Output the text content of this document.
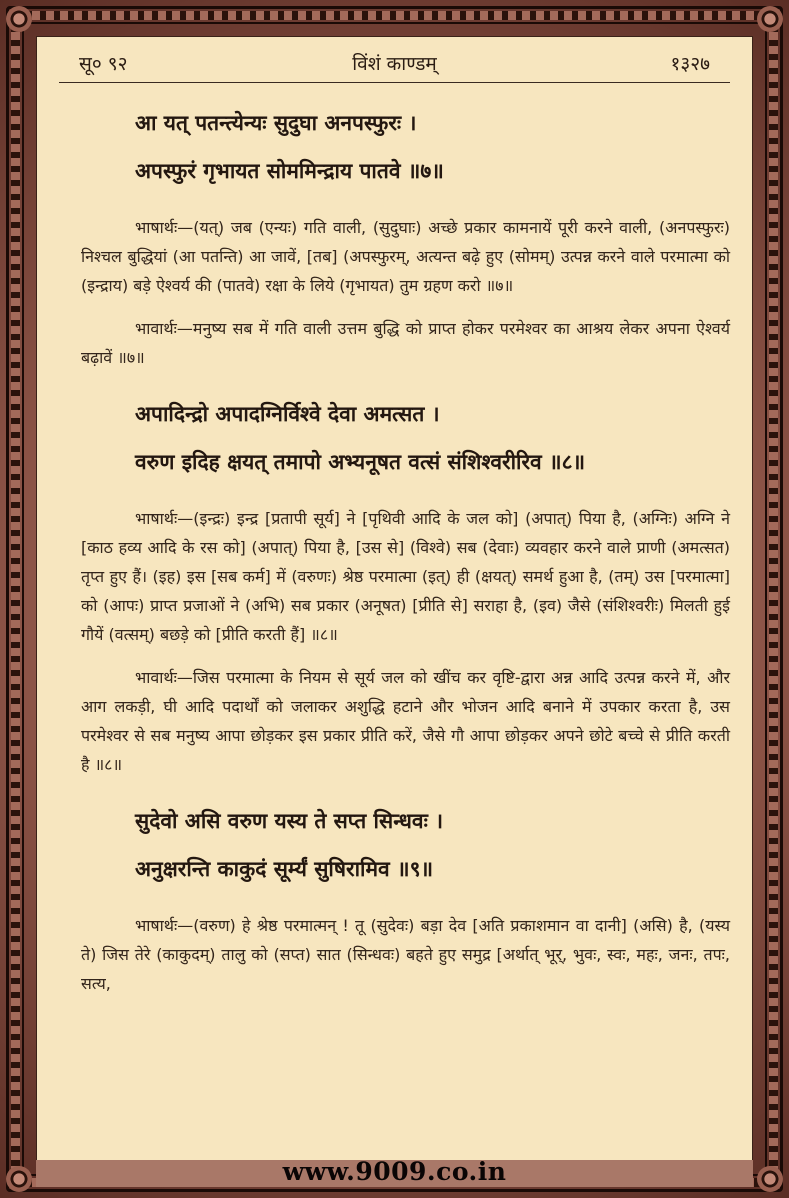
सू० ९२	विंशं काण्डम्	१३२७
आ यत् पतन्त्येन्यः सुदुघा अनपस्फुरः ।
अपस्फुरं गृभायत सोममिन्द्राय पातवे ॥७॥

भाषार्थः—(यत्) जब (एन्यः) गति वाली, (सुदुघाः) अच्छे प्रकार कामनायें पूरी करने वाली, (अनपस्फुरः) निश्चल बुद्धियां (आ पतन्ति) आ जावें, [तब] (अपस्फुरम्, अत्यन्त बढ़े हुए (सोमम्) उत्पन्न करने वाले परमात्मा को (इन्द्राय) बड़े ऐश्वर्य की (पातवे) रक्षा के लिये (गृभायत) तुम ग्रहण करो ॥७॥

भावार्थः—मनुष्य सब में गति वाली उत्तम बुद्धि को प्राप्त होकर परमेश्वर का आश्रय लेकर अपना ऐश्वर्य बढ़ावें ॥७॥

अपादिन्द्रो अपादग्निर्विश्वे देवा अमत्सत ।
वरुण इदिह क्षयत् तमापो अभ्यनूषत वत्सं संशिश्वरीरिव ॥८॥

भाषार्थः—(इन्द्रः) इन्द्र [प्रतापी सूर्य] ने [पृथिवी आदि के जल को] (अपात्) पिया है, (अग्निः) अग्नि ने [काठ हव्य आदि के रस को] (अपात्) पिया है, [उस से] (विश्वे) सब (देवाः) व्यवहार करने वाले प्राणी (अमत्सत) तृप्त हुए हैं। (इह) इस [सब कर्म] में (वरुणः) श्रेष्ठ परमात्मा (इत्) ही (क्षयत्) समर्थ हुआ है, (तम्) उस [परमात्मा] को (आपः) प्राप्त प्रजाओं ने (अभि) सब प्रकार (अनूषत) [प्रीति से] सराहा है, (इव) जैसे (संशिश्वरीः) मिलती हुई गौयें (वत्सम्) बछड़े को [प्रीति करती हैं] ॥८॥

भावार्थः—जिस परमात्मा के नियम से सूर्य जल को खींच कर वृष्टि-द्वारा अन्न आदि उत्पन्न करने में, और आग लकड़ी, घी आदि पदार्थों को जलाकर अशुद्धि हटाने और भोजन आदि बनाने में उपकार करता है, उस परमेश्वर से सब मनुष्य आपा छोड़कर इस प्रकार प्रीति करें, जैसे गौ आपा छोड़कर अपने छोटे बच्चे से प्रीति करती है ॥८॥

सुदेवो असि वरुण यस्य ते सप्त सिन्धवः ।
अनुक्षरन्ति काकुदं सूर्म्यं सुषिरामिव ॥९॥

भाषार्थः—(वरुण) हे श्रेष्ठ परमात्मन् ! तू (सुदेवः) बड़ा देव [अति प्रकाशमान वा दानी] (असि) है, (यस्य ते) जिस तेरे (काकुदम्) तालु को (सप्त) सात (सिन्धवः) बहते हुए समुद्र [अर्थात् भूर्, भुवः, स्वः, महः, जनः, तपः, सत्य,

www.9009.co.in
